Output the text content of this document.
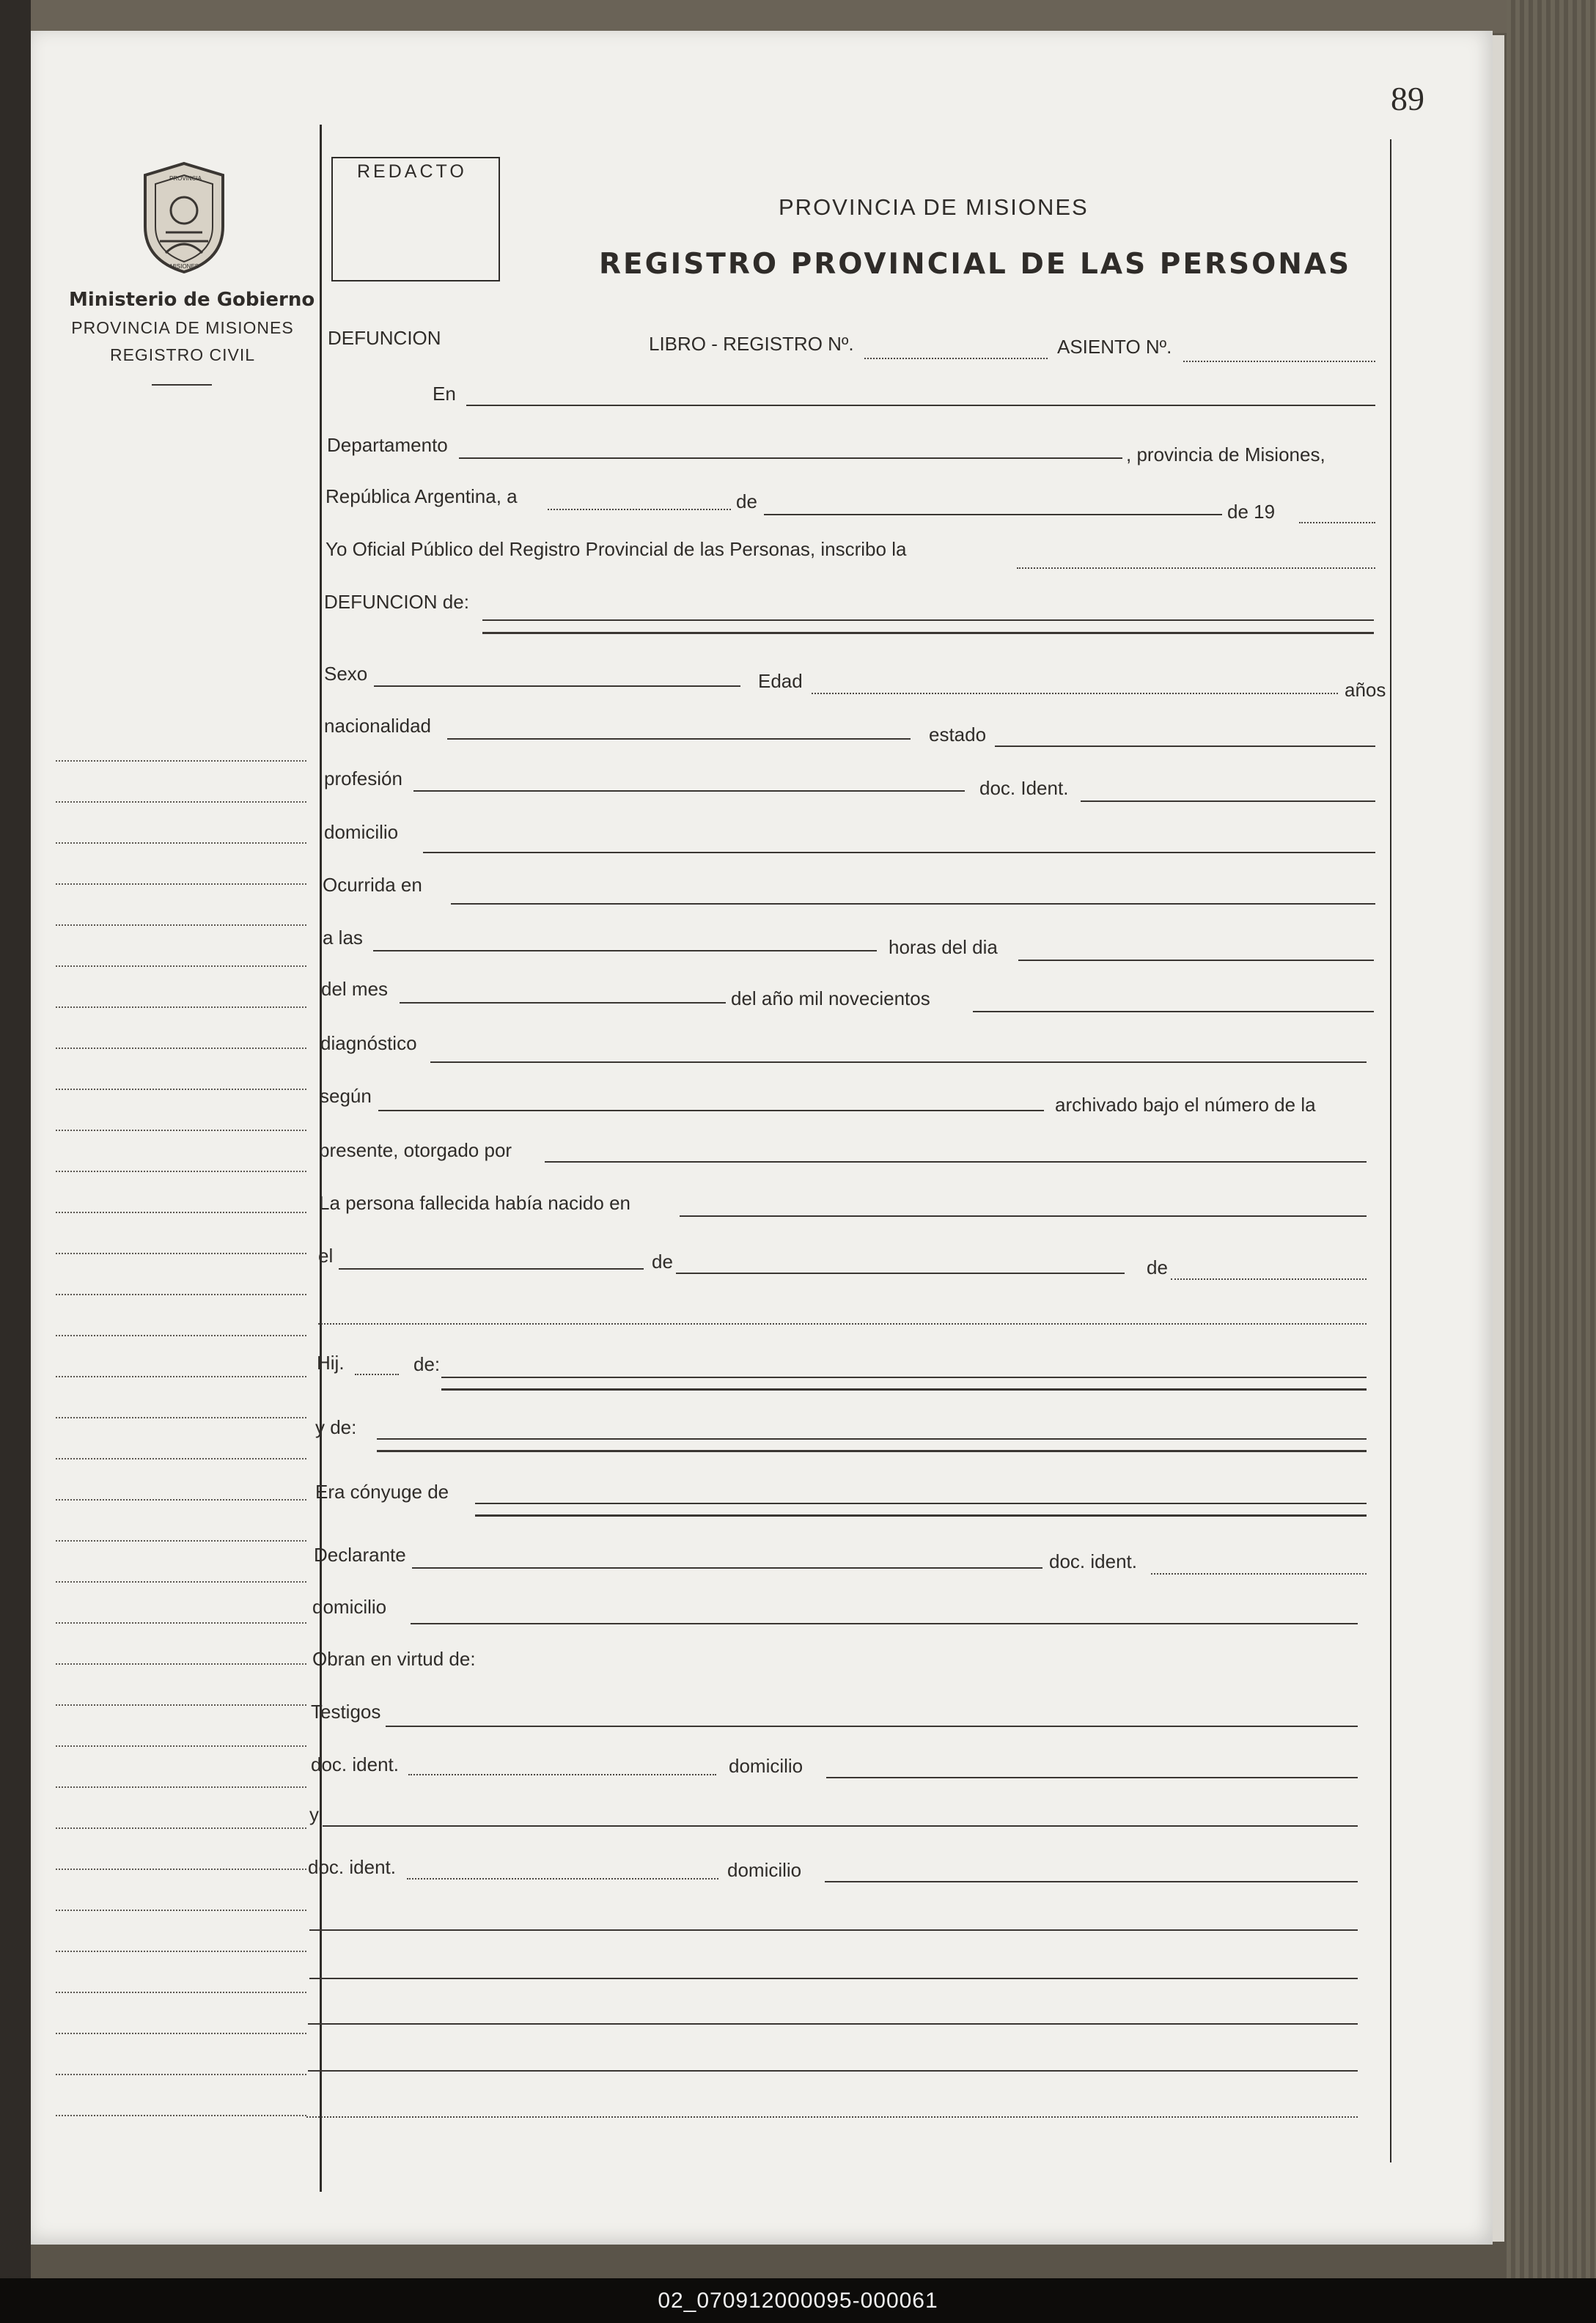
89
PROVINCIA
MISIONES
Ministerio de Gobierno
PROVINCIA DE MISIONES
REGISTRO CIVIL
REDACTO
PROVINCIA DE MISIONES
REGISTRO PROVINCIAL DE LAS PERSONAS
DEFUNCION	LIBRO - REGISTRO Nº.	ASIENTO Nº.
En
Departamento	, provincia de Misiones,
República Argentina, a	de	de 19
Yo Oficial Público del Registro Provincial de las Personas, inscribo la
DEFUNCION de:
Sexo	Edad	años
nacionalidad	estado
profesión	doc. Ident.
domicilio
Ocurrida en
a las	horas del dia
del mes	del año mil novecientos
diagnóstico
según	archivado bajo el número de la
presente, otorgado por
La persona fallecida había nacido en
el	de	de
Hij.	de:
y de:
Era cónyuge de
Declarante	doc. ident.
domicilio
Obran en virtud de:
Testigos
doc. ident.	domicilio
y
doc. ident.	domicilio
02_070912000095-000061
